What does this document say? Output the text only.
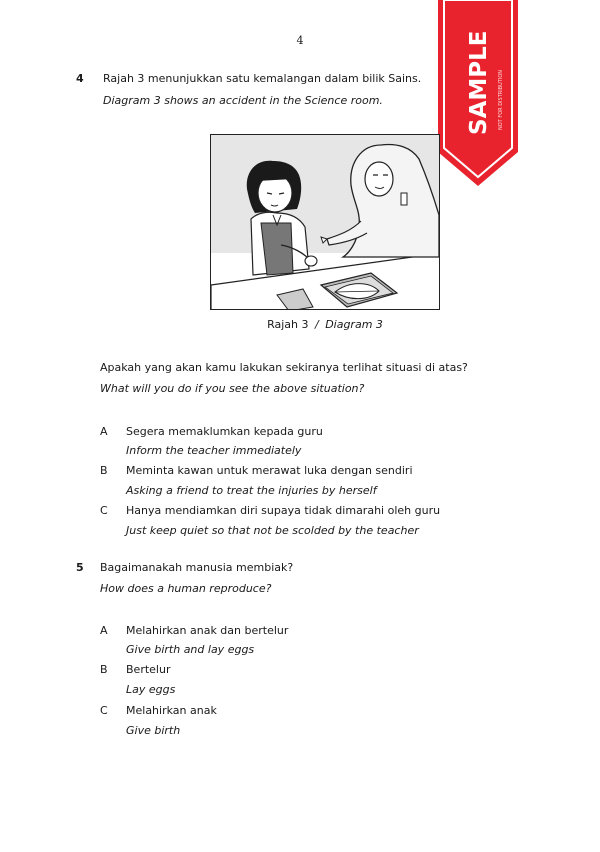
4	SAMPLE NOT FOR DISTRIBUTION
4 Rajah 3 menunjukkan satu kemalangan dalam bilik Sains.
Diagram 3 shows an accident in the Science room.
Rajah 3 / Diagram 3
Apakah yang akan kamu lakukan sekiranya terlihat situasi di atas?
What will you do if you see the above situation?
A Segera memaklumkan kepada guru
Inform the teacher immediately
B Meminta kawan untuk merawat luka dengan sendiri
Asking a friend to treat the injuries by herself
C Hanya mendiamkan diri supaya tidak dimarahi oleh guru
Just keep quiet so that not be scolded by the teacher
5 Bagaimanakah manusia membiak?
How does a human reproduce?
A Melahirkan anak dan bertelur
Give birth and lay eggs
B Bertelur
Lay eggs
C Melahirkan anak
Give birth
